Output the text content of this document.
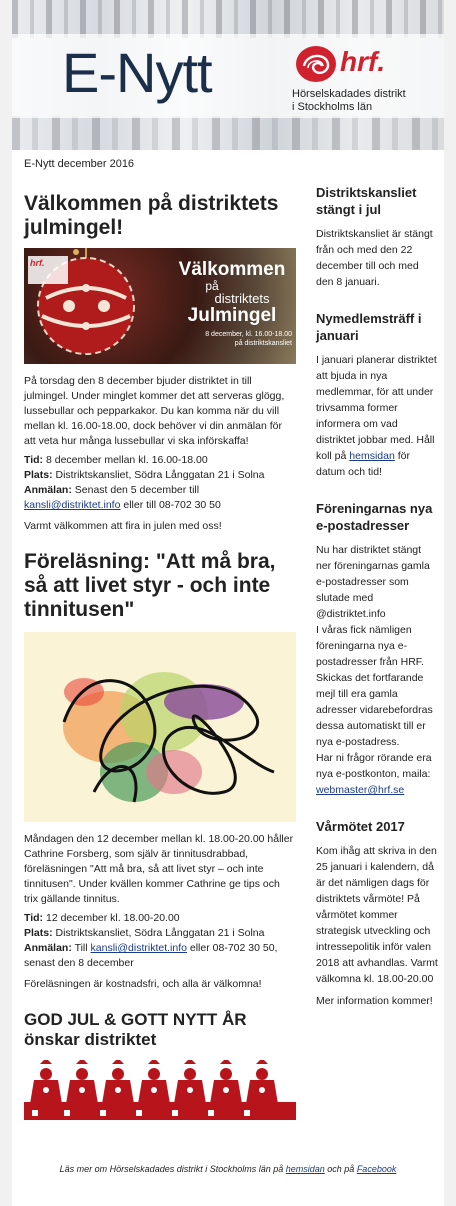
E-Nytt	hrf.
Hörselskadades distrikt
i Stockholms län
E-Nytt december 2016
Välkommen på distriktets julmingel!
hrf.	Välkommen
på
distriktets
Julmingel
8 december, kl. 16.00-18.00
på distriktskansliet

På torsdag den 8 december bjuder distriktet in till julmingel. Under minglet kommer det att serveras glögg, lussebullar och pepparkakor. Du kan komma när du vill mellan kl. 16.00-18.00, dock behöver vi din anmälan för att veta hur många lussebullar vi ska införskaffa!

Tid: 8 december mellan kl. 16.00-18.00

Plats: Distriktskansliet, Södra Långgatan 21 i Solna

Anmälan: Senast den 5 december till
kansli@distriktet.info eller till 08-702 30 50

Varmt välkommen att fira in julen med oss!

Föreläsning: "Att må bra, så att livet styr - och inte tinnitusen"

Måndagen den 12 december mellan kl. 18.00-20.00 håller Cathrine Forsberg, som själv är tinnitusdrabbad, föreläsningen "Att må bra, så att livet styr – och inte tinnitusen". Under kvällen kommer Cathrine ge tips och trix gällande tinnitus.

Tid: 12 december kl. 18.00-20.00

Plats: Distriktskansliet, Södra Långgatan 21 i Solna

Anmälan: Till kansli@distriktet.info eller 08-702 30 50, senast den 8 december

Föreläsningen är kostnadsfri, och alla är välkomna!

GOD JUL & GOTT NYTT ÅR
önskar distriktet
Distriktskansliet stängt i jul

Distriktskansliet är stängt från och med den 22 december till och med den 8 januari.

Nymedlemsträff i januari

I januari planerar distriktet att bjuda in nya medlemmar, för att under trivsamma former informera om vad distriktet jobbar med. Håll koll på hemsidan för datum och tid!

Föreningarnas nya e-postadresser

Nu har distriktet stängt ner föreningarnas gamla e-postadresser som slutade med @distriktet.info

I våras fick nämligen föreningarna nya e-postadresser från HRF. Skickas det fortfarande mejl till era gamla adresser vidarebefordras dessa automatiskt till er nya e-postadress.

Har ni frågor rörande era nya e-postkonton, maila: webmaster@hrf.se

Vårmötet 2017

Kom ihåg att skriva in den 25 januari i kalendern, då är det nämligen dags för distriktets vårmöte! På vårmötet kommer strategisk utveckling och intressepolitik inför valen 2018 att avhandlas. Varmt välkomna kl. 18.00-20.00

Mer information kommer!

Läs mer om Hörselskadades distrikt i Stockholms län på hemsidan och på Facebook
